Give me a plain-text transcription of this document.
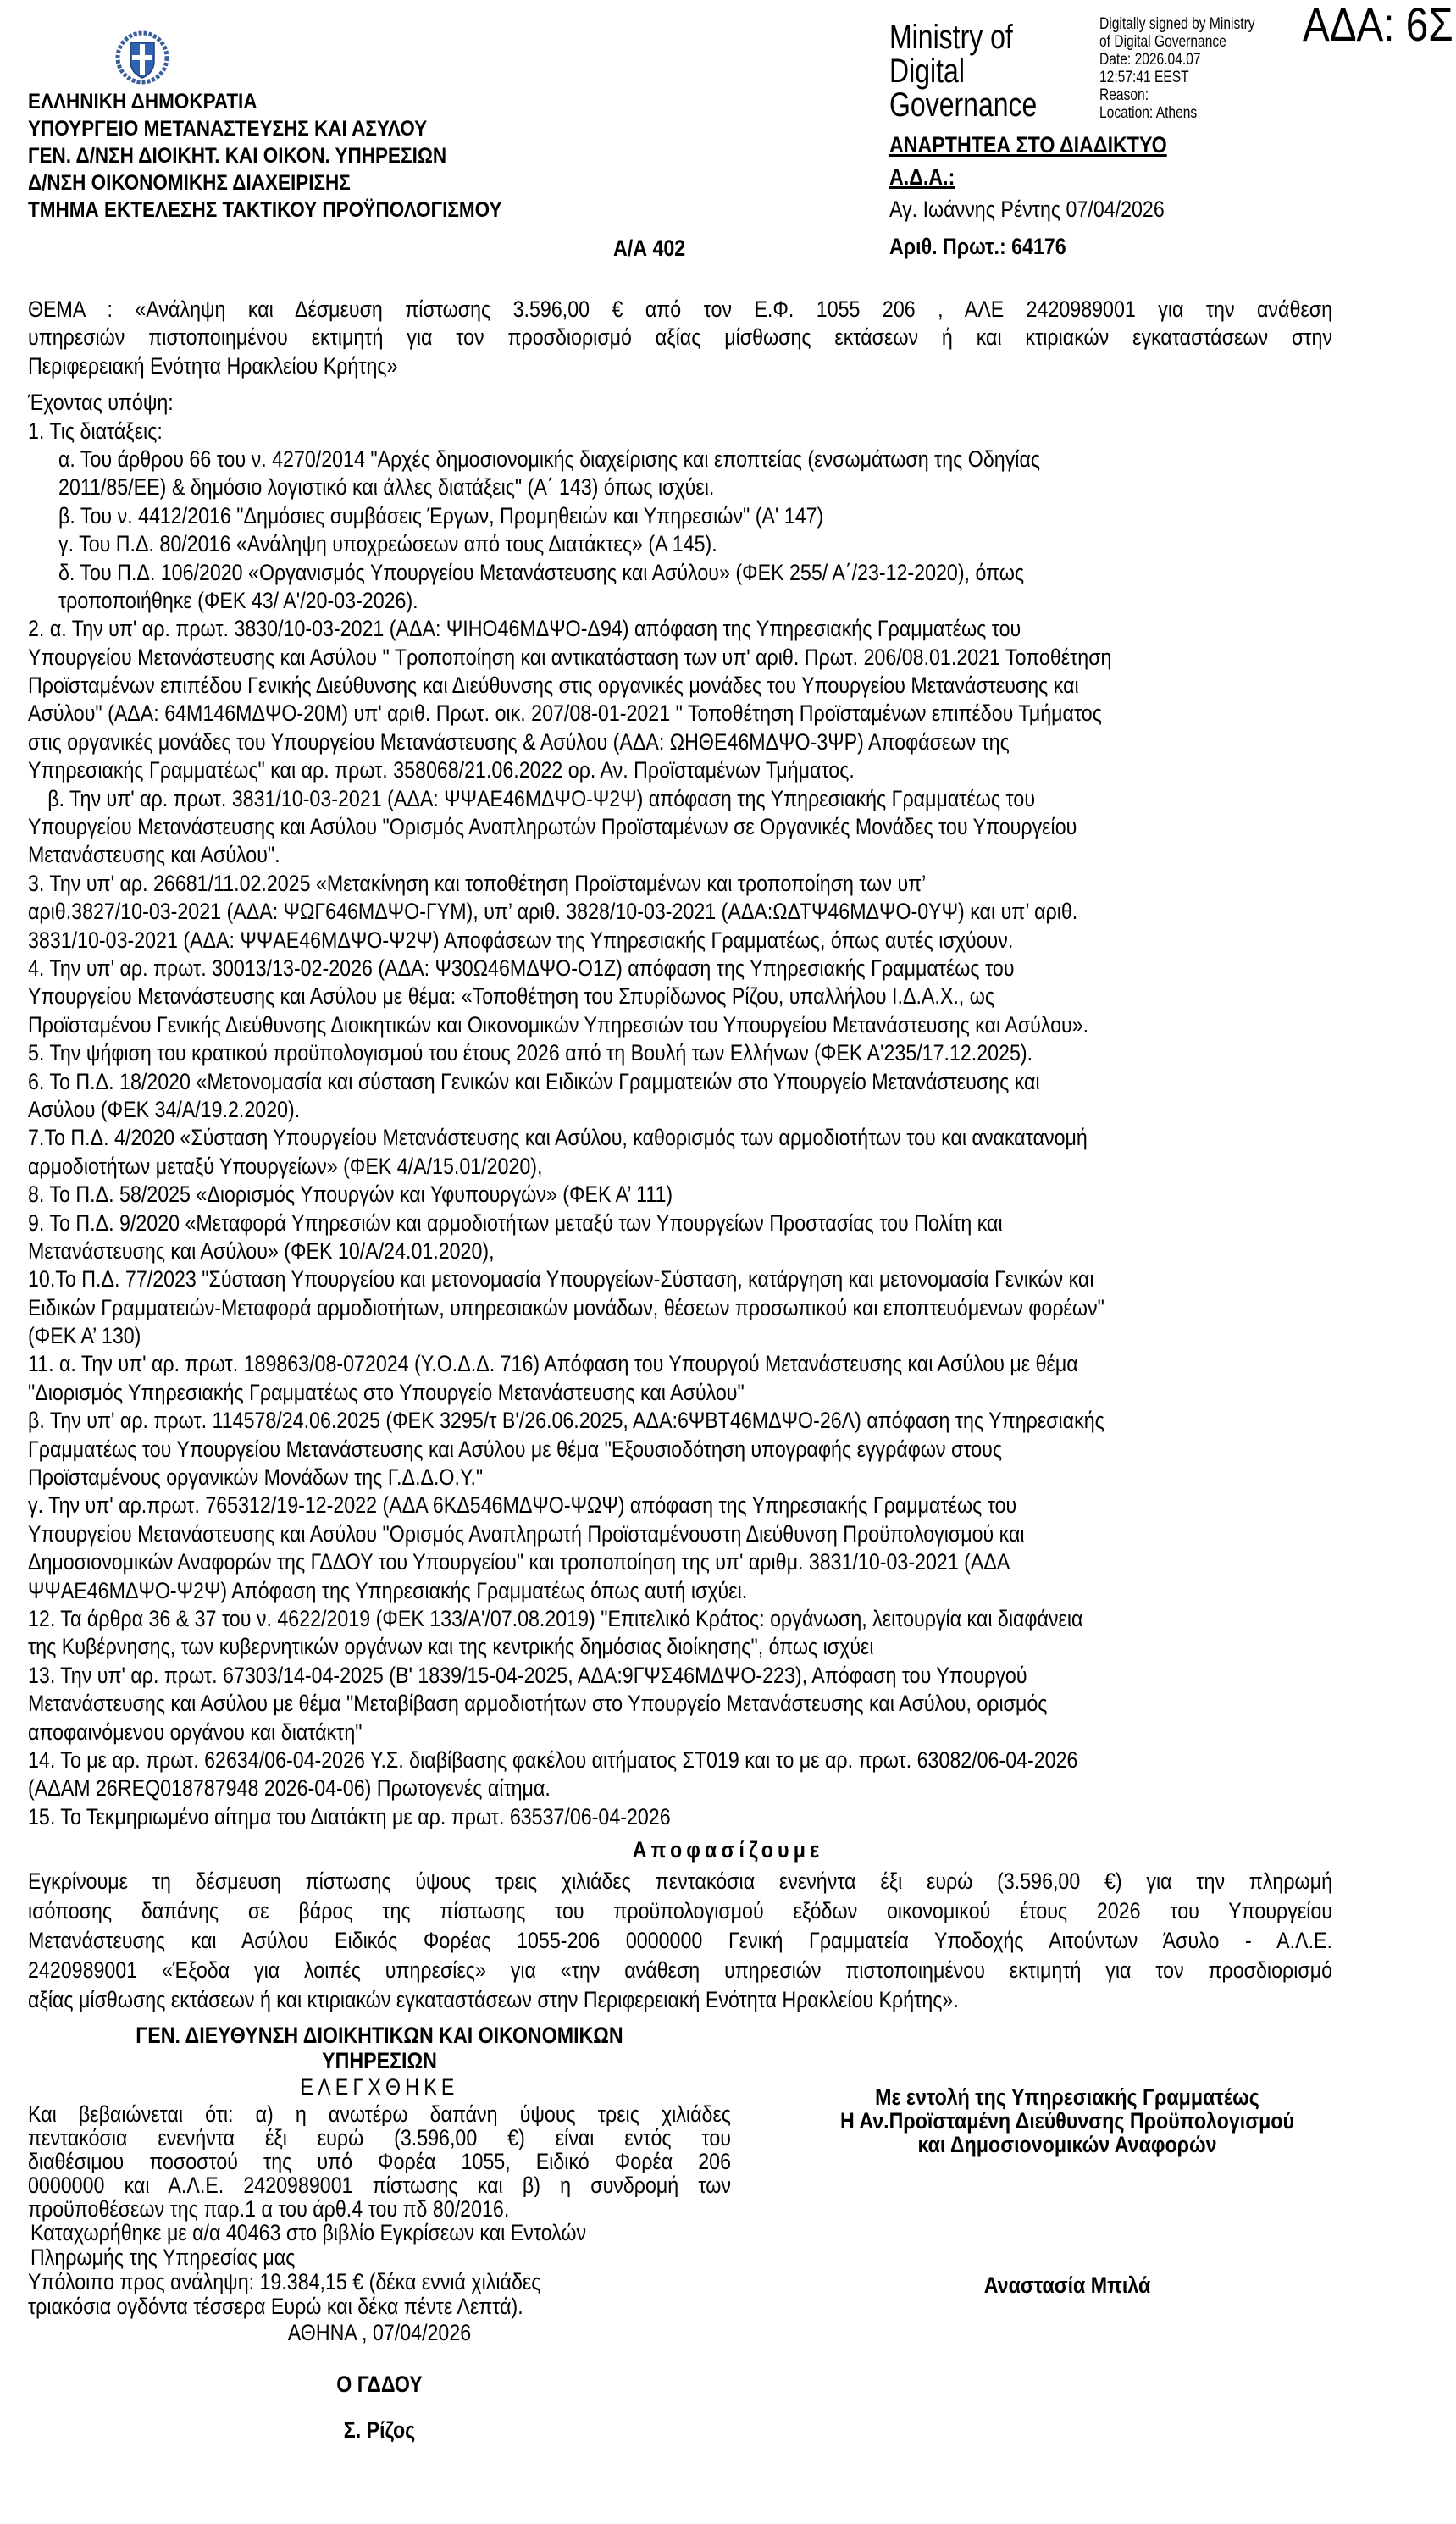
ΑΔΑ: 6Σ
ΕΛΛΗΝΙΚΗ ΔΗΜΟΚΡΑΤΙΑ
ΥΠΟΥΡΓΕΙΟ ΜΕΤΑΝΑΣΤΕΥΣΗΣ ΚΑΙ ΑΣΥΛΟΥ
ΓΕΝ. Δ/ΝΣΗ ΔΙΟΙΚΗΤ. ΚΑΙ ΟΙΚΟΝ. ΥΠΗΡΕΣΙΩΝ
Δ/ΝΣΗ ΟΙΚΟΝΟΜΙΚΗΣ ΔΙΑΧΕΙΡΙΣΗΣ
ΤΜΗΜΑ ΕΚΤΕΛΕΣΗΣ ΤΑΚΤΙΚΟΥ ΠΡΟΫΠΟΛΟΓΙΣΜΟΥ
Α/Α 402
Ministry of
Digital
Governance
Digitally signed by Ministry
of Digital Governance
Date: 2026.04.07
12:57:41 EEST
Reason:
Location: Athens
ΑΝΑΡΤΗΤΕΑ ΣΤΟ ΔΙΑΔΙΚΤΥΟ
Α.Δ.Α.:
Αγ. Ιωάννης Ρέντης 07/04/2026
Αριθ. Πρωτ.: 64176
ΘΕΜΑ : «Ανάληψη και Δέσμευση πίστωσης 3.596,00 € από τον Ε.Φ. 1055 206 , ΑΛΕ 2420989001 για την ανάθεση
υπηρεσιών πιστοποιημένου εκτιμητή για τον προσδιορισμό αξίας μίσθωσης εκτάσεων ή και κτιριακών εγκαταστάσεων στην
Περιφερειακή Ενότητα Ηρακλείου Κρήτης»
Έχοντας υπόψη:
1. Τις διατάξεις:
α. Του άρθρου 66 του ν. 4270/2014 "Αρχές δημοσιονομικής διαχείρισης και εποπτείας (ενσωμάτωση της Οδηγίας
2011/85/ΕΕ) & δημόσιο λογιστικό και άλλες διατάξεις" (Α΄ 143) όπως ισχύει.
β. Του ν. 4412/2016 "Δημόσιες συμβάσεις Έργων, Προμηθειών και Υπηρεσιών" (Α' 147)
γ. Του Π.Δ. 80/2016 «Ανάληψη υποχρεώσεων από τους Διατάκτες» (Α 145).
δ. Του Π.Δ. 106/2020 «Οργανισμός Υπουργείου Μετανάστευσης και Ασύλου» (ΦΕΚ 255/ Α΄/23-12-2020), όπως
τροποποιήθηκε (ΦΕΚ 43/ Α'/20-03-2026).
2. α. Την υπ' αρ. πρωτ. 3830/10-03-2021 (ΑΔΑ: ΨΙΗΟ46ΜΔΨΟ-Δ94) απόφαση της Υπηρεσιακής Γραμματέως του
Υπουργείου Μετανάστευσης και Ασύλου " Τροποποίηση και αντικατάσταση των υπ' αριθ. Πρωτ. 206/08.01.2021 Τοποθέτηση
Προϊσταμένων επιπέδου Γενικής Διεύθυνσης και Διεύθυνσης στις οργανικές μονάδες του Υπουργείου Μετανάστευσης και
Ασύλου" (ΑΔΑ: 64Μ146ΜΔΨΟ-20Μ) υπ' αριθ. Πρωτ. οικ. 207/08-01-2021 " Τοποθέτηση Προϊσταμένων επιπέδου Τμήματος
στις οργανικές μονάδες του Υπουργείου Μετανάστευσης & Ασύλου (ΑΔΑ: ΩΗΘΕ46ΜΔΨΟ-3ΨΡ) Αποφάσεων της
Υπηρεσιακής Γραμματέως" και αρ. πρωτ. 358068/21.06.2022 ορ. Αν. Προϊσταμένων Τμήματος.
β. Την υπ' αρ. πρωτ. 3831/10-03-2021 (ΑΔΑ: ΨΨΑΕ46ΜΔΨΟ-Ψ2Ψ) απόφαση της Υπηρεσιακής Γραμματέως του
Υπουργείου Μετανάστευσης και Ασύλου "Ορισμός Αναπληρωτών Προϊσταμένων σε Οργανικές Μονάδες του Υπουργείου
Μετανάστευσης και Ασύλου".
3. Την υπ' αρ. 26681/11.02.2025 «Μετακίνηση και τοποθέτηση Προϊσταμένων και τροποποίηση των υπ’
αριθ.3827/10-03-2021 (ΑΔΑ: ΨΩΓ646ΜΔΨΟ-ΓΥΜ), υπ’ αριθ. 3828/10-03-2021 (ΑΔΑ:ΩΔΤΨ46ΜΔΨΟ-0ΥΨ) και υπ’ αριθ.
3831/10-03-2021 (ΑΔΑ: ΨΨΑΕ46ΜΔΨΟ-Ψ2Ψ) Αποφάσεων της Υπηρεσιακής Γραμματέως, όπως αυτές ισχύουν.
4. Την υπ' αρ. πρωτ. 30013/13-02-2026 (ΑΔΑ: Ψ30Ω46ΜΔΨΟ-Ο1Ζ) απόφαση της Υπηρεσιακής Γραμματέως του
Υπουργείου Μετανάστευσης και Ασύλου με θέμα: «Τοποθέτηση του Σπυρίδωνος Ρίζου, υπαλλήλου Ι.Δ.Α.Χ., ως
Προϊσταμένου Γενικής Διεύθυνσης Διοικητικών και Οικονομικών Υπηρεσιών του Υπουργείου Μετανάστευσης και Ασύλου».
5. Την ψήφιση του κρατικού προϋπολογισμού του έτους 2026 από τη Βουλή των Ελλήνων (ΦΕΚ Α'235/17.12.2025).
6. Το Π.Δ. 18/2020 «Μετονομασία και σύσταση Γενικών και Ειδικών Γραμματειών στο Υπουργείο Μετανάστευσης και
Ασύλου (ΦΕΚ 34/Α/19.2.2020).
7.Το Π.Δ. 4/2020 «Σύσταση Υπουργείου Μετανάστευσης και Ασύλου, καθορισμός των αρμοδιοτήτων του και ανακατανομή
αρμοδιοτήτων μεταξύ Υπουργείων» (ΦΕΚ 4/Α/15.01/2020),
8. Το Π.Δ. 58/2025 «Διορισμός Υπουργών και Υφυπουργών» (ΦΕΚ Α’ 111)
9. Το Π.Δ. 9/2020 «Μεταφορά Υπηρεσιών και αρμοδιοτήτων μεταξύ των Υπουργείων Προστασίας του Πολίτη και
Μετανάστευσης και Ασύλου» (ΦΕΚ 10/Α/24.01.2020),
10.Το Π.Δ. 77/2023 "Σύσταση Υπουργείου και μετονομασία Υπουργείων-Σύσταση, κατάργηση και μετονομασία Γενικών και
Ειδικών Γραμματειών-Μεταφορά αρμοδιοτήτων, υπηρεσιακών μονάδων, θέσεων προσωπικού και εποπτευόμενων φορέων"
(ΦΕΚ Α’ 130)
11. α. Την υπ' αρ. πρωτ. 189863/08-072024 (Υ.Ο.Δ.Δ. 716) Απόφαση του Υπουργού Μετανάστευσης και Ασύλου με θέμα
"Διορισμός Υπηρεσιακής Γραμματέως στο Υπουργείο Μετανάστευσης και Ασύλου"
β. Την υπ' αρ. πρωτ. 114578/24.06.2025 (ΦΕΚ 3295/τ Β'/26.06.2025, ΑΔΑ:6ΨΒΤ46ΜΔΨΟ-26Λ) απόφαση της Υπηρεσιακής
Γραμματέως του Υπουργείου Μετανάστευσης και Ασύλου με θέμα "Εξουσιοδότηση υπογραφής εγγράφων στους
Προϊσταμένους οργανικών Μονάδων της Γ.Δ.Δ.Ο.Υ."
γ. Την υπ' αρ.πρωτ. 765312/19-12-2022 (ΑΔΑ 6ΚΔ546ΜΔΨΟ-ΨΩΨ) απόφαση της Υπηρεσιακής Γραμματέως του
Υπουργείου Μετανάστευσης και Ασύλου "Ορισμός Αναπληρωτή Προϊσταμένουστη Διεύθυνση Προϋπολογισμού και
Δημοσιονομικών Αναφορών της ΓΔΔΟΥ του Υπουργείου" και τροποποίηση της υπ' αριθμ. 3831/10-03-2021 (ΑΔΑ
ΨΨΑΕ46ΜΔΨΟ-Ψ2Ψ) Απόφαση της Υπηρεσιακής Γραμματέως όπως αυτή ισχύει.
12. Τα άρθρα 36 & 37 του ν. 4622/2019 (ΦΕΚ 133/Α'/07.08.2019) "Επιτελικό Κράτος: οργάνωση, λειτουργία και διαφάνεια
της Κυβέρνησης, των κυβερνητικών οργάνων και της κεντρικής δημόσιας διοίκησης", όπως ισχύει
13. Την υπ' αρ. πρωτ. 67303/14-04-2025 (Β' 1839/15-04-2025, ΑΔΑ:9ΓΨΣ46ΜΔΨΟ-223), Απόφαση του Υπουργού
Μετανάστευσης και Ασύλου με θέμα "Μεταβίβαση αρμοδιοτήτων στο Υπουργείο Μετανάστευσης και Ασύλου, ορισμός
αποφαινόμενου οργάνου και διατάκτη"
14. Το με αρ. πρωτ. 62634/06-04-2026 Υ.Σ. διαβίβασης φακέλου αιτήματος ΣΤ019 και το με αρ. πρωτ. 63082/06-04-2026
(ΑΔΑΜ 26REQ018787948 2026-04-06) Πρωτογενές αίτημα.
15. Το Τεκμηριωμένο αίτημα του Διατάκτη με αρ. πρωτ. 63537/06-04-2026
Αποφασίζουμε
Εγκρίνουμε τη δέσμευση πίστωσης ύψους τρεις χιλιάδες πεντακόσια ενενήντα έξι ευρώ (3.596,00 €) για την πληρωμή
ισόποσης δαπάνης σε βάρος της πίστωσης του προϋπολογισμού εξόδων οικονομικού έτους 2026 του Υπουργείου
Μετανάστευσης και Ασύλου Ειδικός Φορέας 1055-206 0000000 Γενική Γραμματεία Υποδοχής Αιτούντων Άσυλο - Α.Λ.Ε.
2420989001 «Έξοδα για λοιπές υπηρεσίες» για «την ανάθεση υπηρεσιών πιστοποιημένου εκτιμητή για τον προσδιορισμό
αξίας μίσθωσης εκτάσεων ή και κτιριακών εγκαταστάσεων στην Περιφερειακή Ενότητα Ηρακλείου Κρήτης».
ΓΕΝ. ΔΙΕΥΘΥΝΣΗ ΔΙΟΙΚΗΤΙΚΩΝ ΚΑΙ ΟΙΚΟΝΟΜΙΚΩΝ
ΥΠΗΡΕΣΙΩΝ
ΕΛΕΓΧΘΗΚΕ
Και βεβαιώνεται ότι: α) η ανωτέρω δαπάνη ύψους τρεις χιλιάδες
πεντακόσια ενενήντα έξι ευρώ (3.596,00 €) είναι εντός του
διαθέσιμου ποσοστού της υπό Φορέα 1055, Ειδικό Φορέα 206
0000000 και Α.Λ.Ε. 2420989001 πίστωσης και β) η συνδρομή των
προϋποθέσεων της παρ.1 α του άρθ.4 του πδ 80/2016.
Καταχωρήθηκε με α/α 40463 στο βιβλίο Εγκρίσεων και Εντολών
Πληρωμής της Υπηρεσίας μας
Υπόλοιπο προς ανάληψη: 19.384,15 € (δέκα εννιά χιλιάδες
τριακόσια ογδόντα τέσσερα Ευρώ και δέκα πέντε Λεπτά).
ΑΘΗΝΑ , 07/04/2026
Ο ΓΔΔΟΥ
Σ. Ρίζος
Με εντολή της Υπηρεσιακής Γραμματέως
Η Αν.Προϊσταμένη Διεύθυνσης Προϋπολογισμού
και Δημοσιονομικών Αναφορών
Αναστασία Μπιλά
